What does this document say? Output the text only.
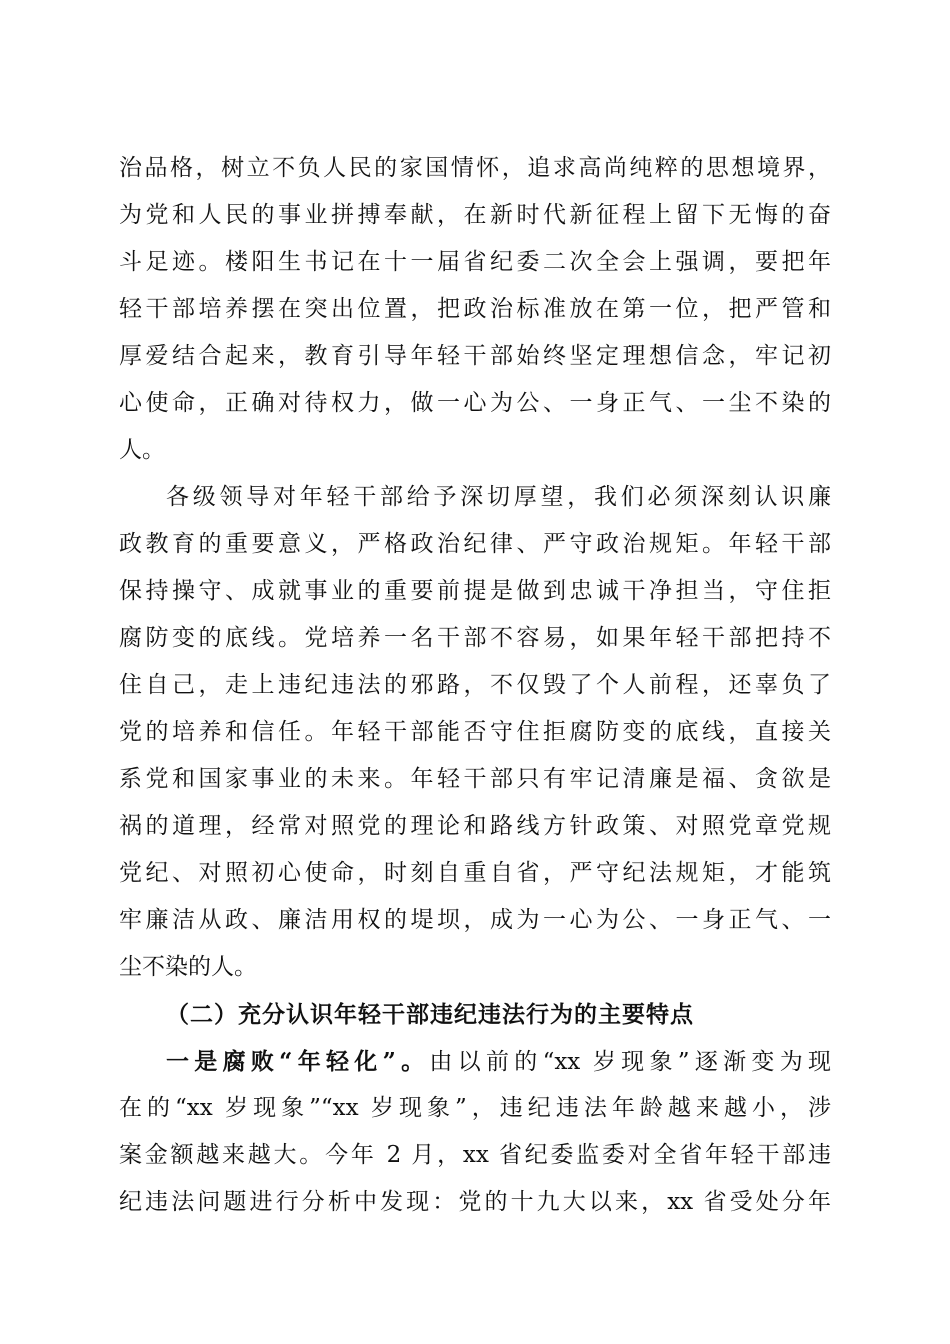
治品格，树立不负人民的家国情怀，追求高尚纯粹的思想境界，
为党和人民的事业拼搏奉献，在新时代新征程上留下无悔的奋
斗足迹。楼阳生书记在十一届省纪委二次全会上强调，要把年
轻干部培养摆在突出位置，把政治标准放在第一位，把严管和
厚爱结合起来，教育引导年轻干部始终坚定理想信念，牢记初
心使命，正确对待权力，做一心为公、一身正气、一尘不染的
人。
各级领导对年轻干部给予深切厚望，我们必须深刻认识廉
政教育的重要意义，严格政治纪律、严守政治规矩。年轻干部
保持操守、成就事业的重要前提是做到忠诚干净担当，守住拒
腐防变的底线。党培养一名干部不容易，如果年轻干部把持不
住自己，走上违纪违法的邪路，不仅毁了个人前程，还辜负了
党的培养和信任。年轻干部能否守住拒腐防变的底线，直接关
系党和国家事业的未来。年轻干部只有牢记清廉是福、贪欲是
祸的道理，经常对照党的理论和路线方针政策、对照党章党规
党纪、对照初心使命，时刻自重自省，严守纪法规矩，才能筑
牢廉洁从政、廉洁用权的堤坝，成为一心为公、一身正气、一
尘不染的人。
（二）充分认识年轻干部违纪违法行为的主要特点
一是腐败“年轻化”。由以前的“xx 岁现象”逐渐变为现
在的“xx 岁现象”“xx 岁现象”，违纪违法年龄越来越小，涉
案金额越来越大。今年 2 月，xx 省纪委监委对全省年轻干部违
纪违法问题进行分析中发现：党的十九大以来，xx 省受处分年
